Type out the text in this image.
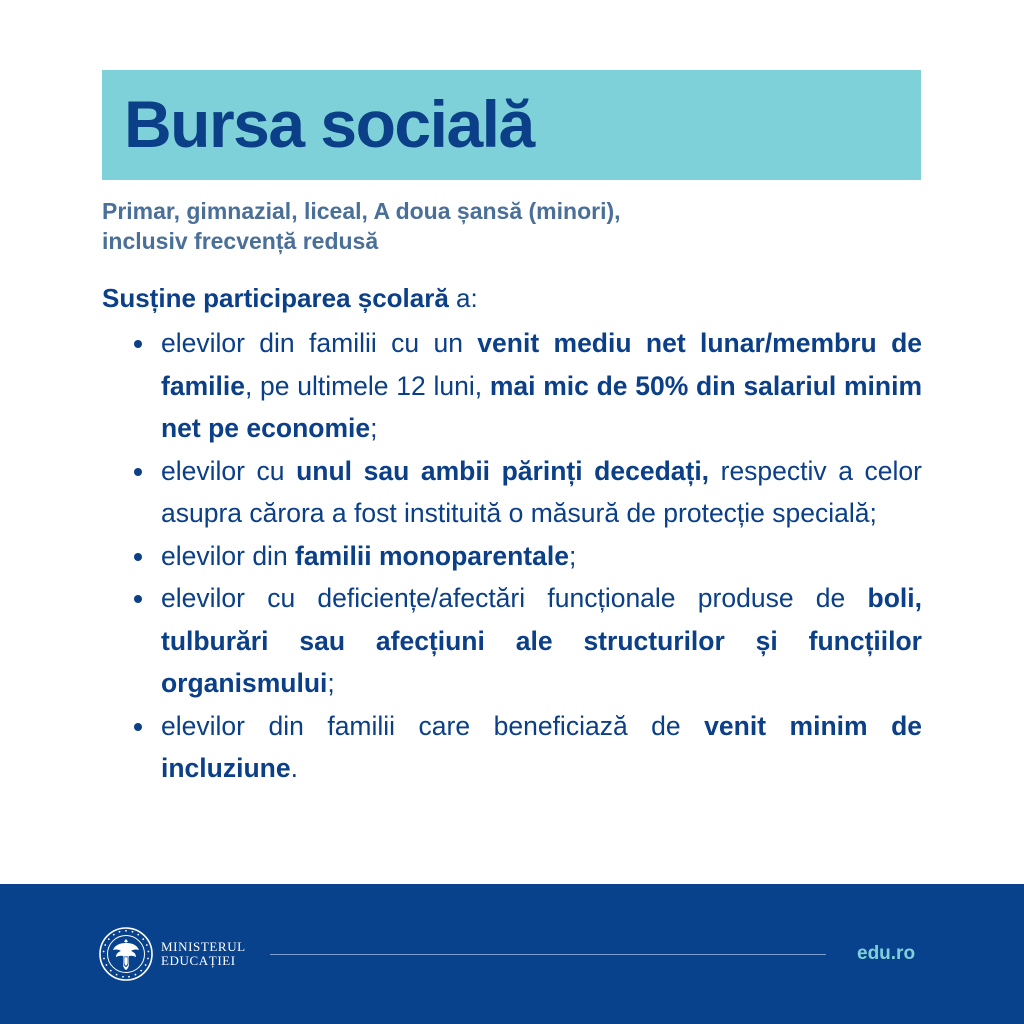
Bursa socială
Primar, gimnazial, liceal, A doua șansă (minori),
inclusiv frecvență redusă

Susține participarea școlară a:

elevilor din familii cu un venit mediu net lunar/membru de familie, pe ultimele 12 luni, mai mic de 50% din salariul minim net pe economie;
elevilor cu unul sau ambii părinți decedați, respectiv a celor asupra cărora a fost instituită o măsură de protecție specială;
elevilor din familii monoparentale;
elevilor cu deficiențe/afectări funcționale produse de boli, tulburări sau afecțiuni ale structurilor și funcțiilor organismului;
elevilor din familii care beneficiază de venit minim de incluziune.
MINISTERUL
EDUCAȚIEI	edu.ro
